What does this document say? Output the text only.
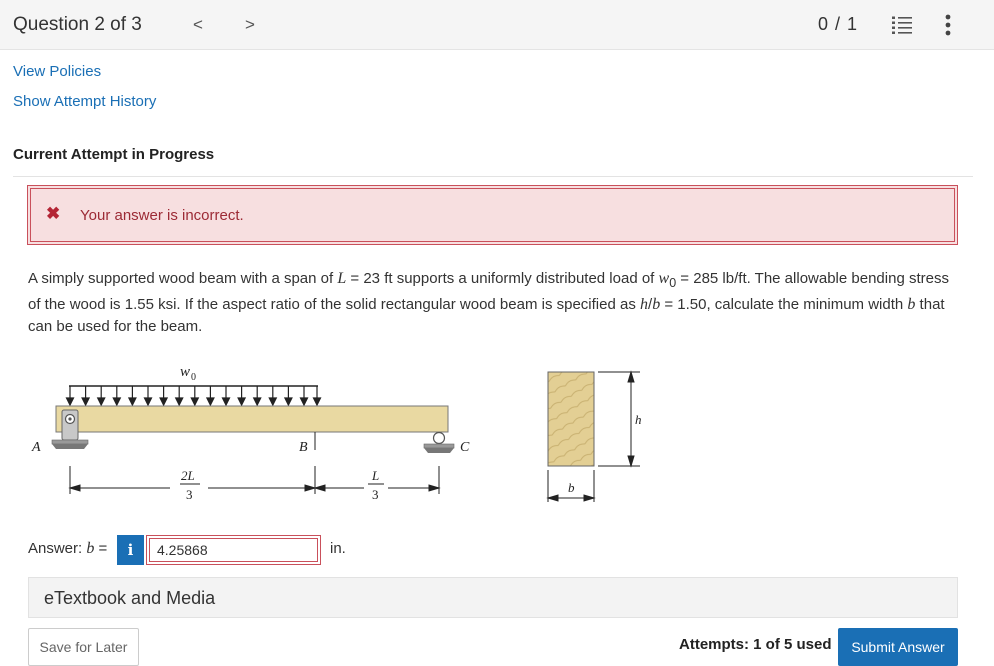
Question 2 of 3	< >	0 / 1
View Policies
Show Attempt History
Current Attempt in Progress
✖ Your answer is incorrect.
A simply supported wood beam with a span of L = 23 ft supports a uniformly distributed load of $w_0 = 285$ lb/ft. The allowable bending stress of the wood is 1.55 ksi. If the aspect ratio of the solid rectangular wood beam is specified as h/b = 1.50, calculate the minimum width b that can be used for the beam.
w 0
A	C
B
2L
3
L
3
h
b
Answer: b =	i
4.25868	in.
eTextbook and Media
Save for Later	Attempts: 1 of 5 used	Submit Answer
